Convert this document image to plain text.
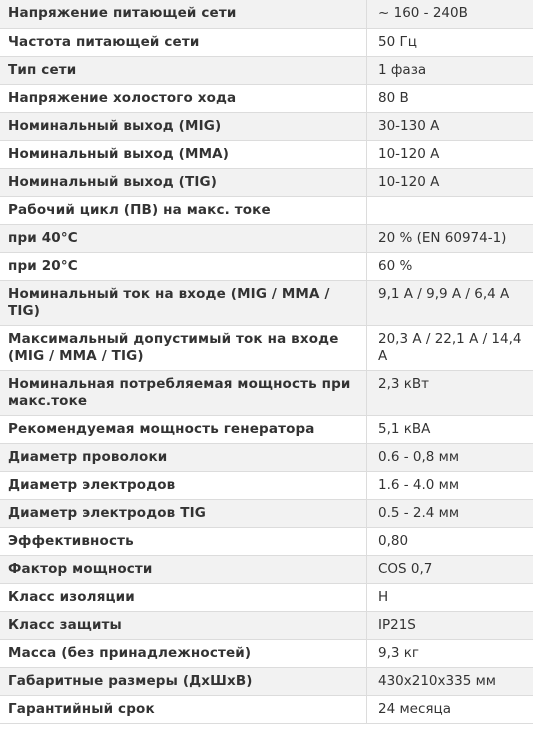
Напряжение питающей сети	~ 160 - 240В

Частота питающей сети	50 Гц

Тип сети	1 фаза

Напряжение холостого хода	80 В

Номинальный выход (MIG)	30-130 А

Номинальный выход (MMA)	10-120 А

Номинальный выход (TIG)	10-120 А

Рабочий цикл (ПВ) на макс. токе	

при 40°С	20 % (EN 60974-1)

при 20°С	60 %

Номинальный ток на входе (MIG / MMA / TIG)	9,1 A / 9,9 A / 6,4 A

Максимальный допустимый ток на входе (MIG / MMA / TIG)	20,3 A / 22,1 A / 14,4 A

Номинальная потребляемая мощность при макс.токе	2,3 кВт

Рекомендуемая мощность генератора	5,1 кВА

Диаметр проволоки	0.6 - 0,8 мм

Диаметр электродов	1.6 - 4.0 мм

Диаметр электродов TIG	0.5 - 2.4 мм

Эффективность	0,80

Фактор мощности	COS 0,7

Класс изоляции	H

Класс защиты	IP21S

Масса (без принадлежностей)	9,3 кг

Габаритные размеры (ДхШхВ)	430х210х335 мм

Гарантийный срок	24 месяца
